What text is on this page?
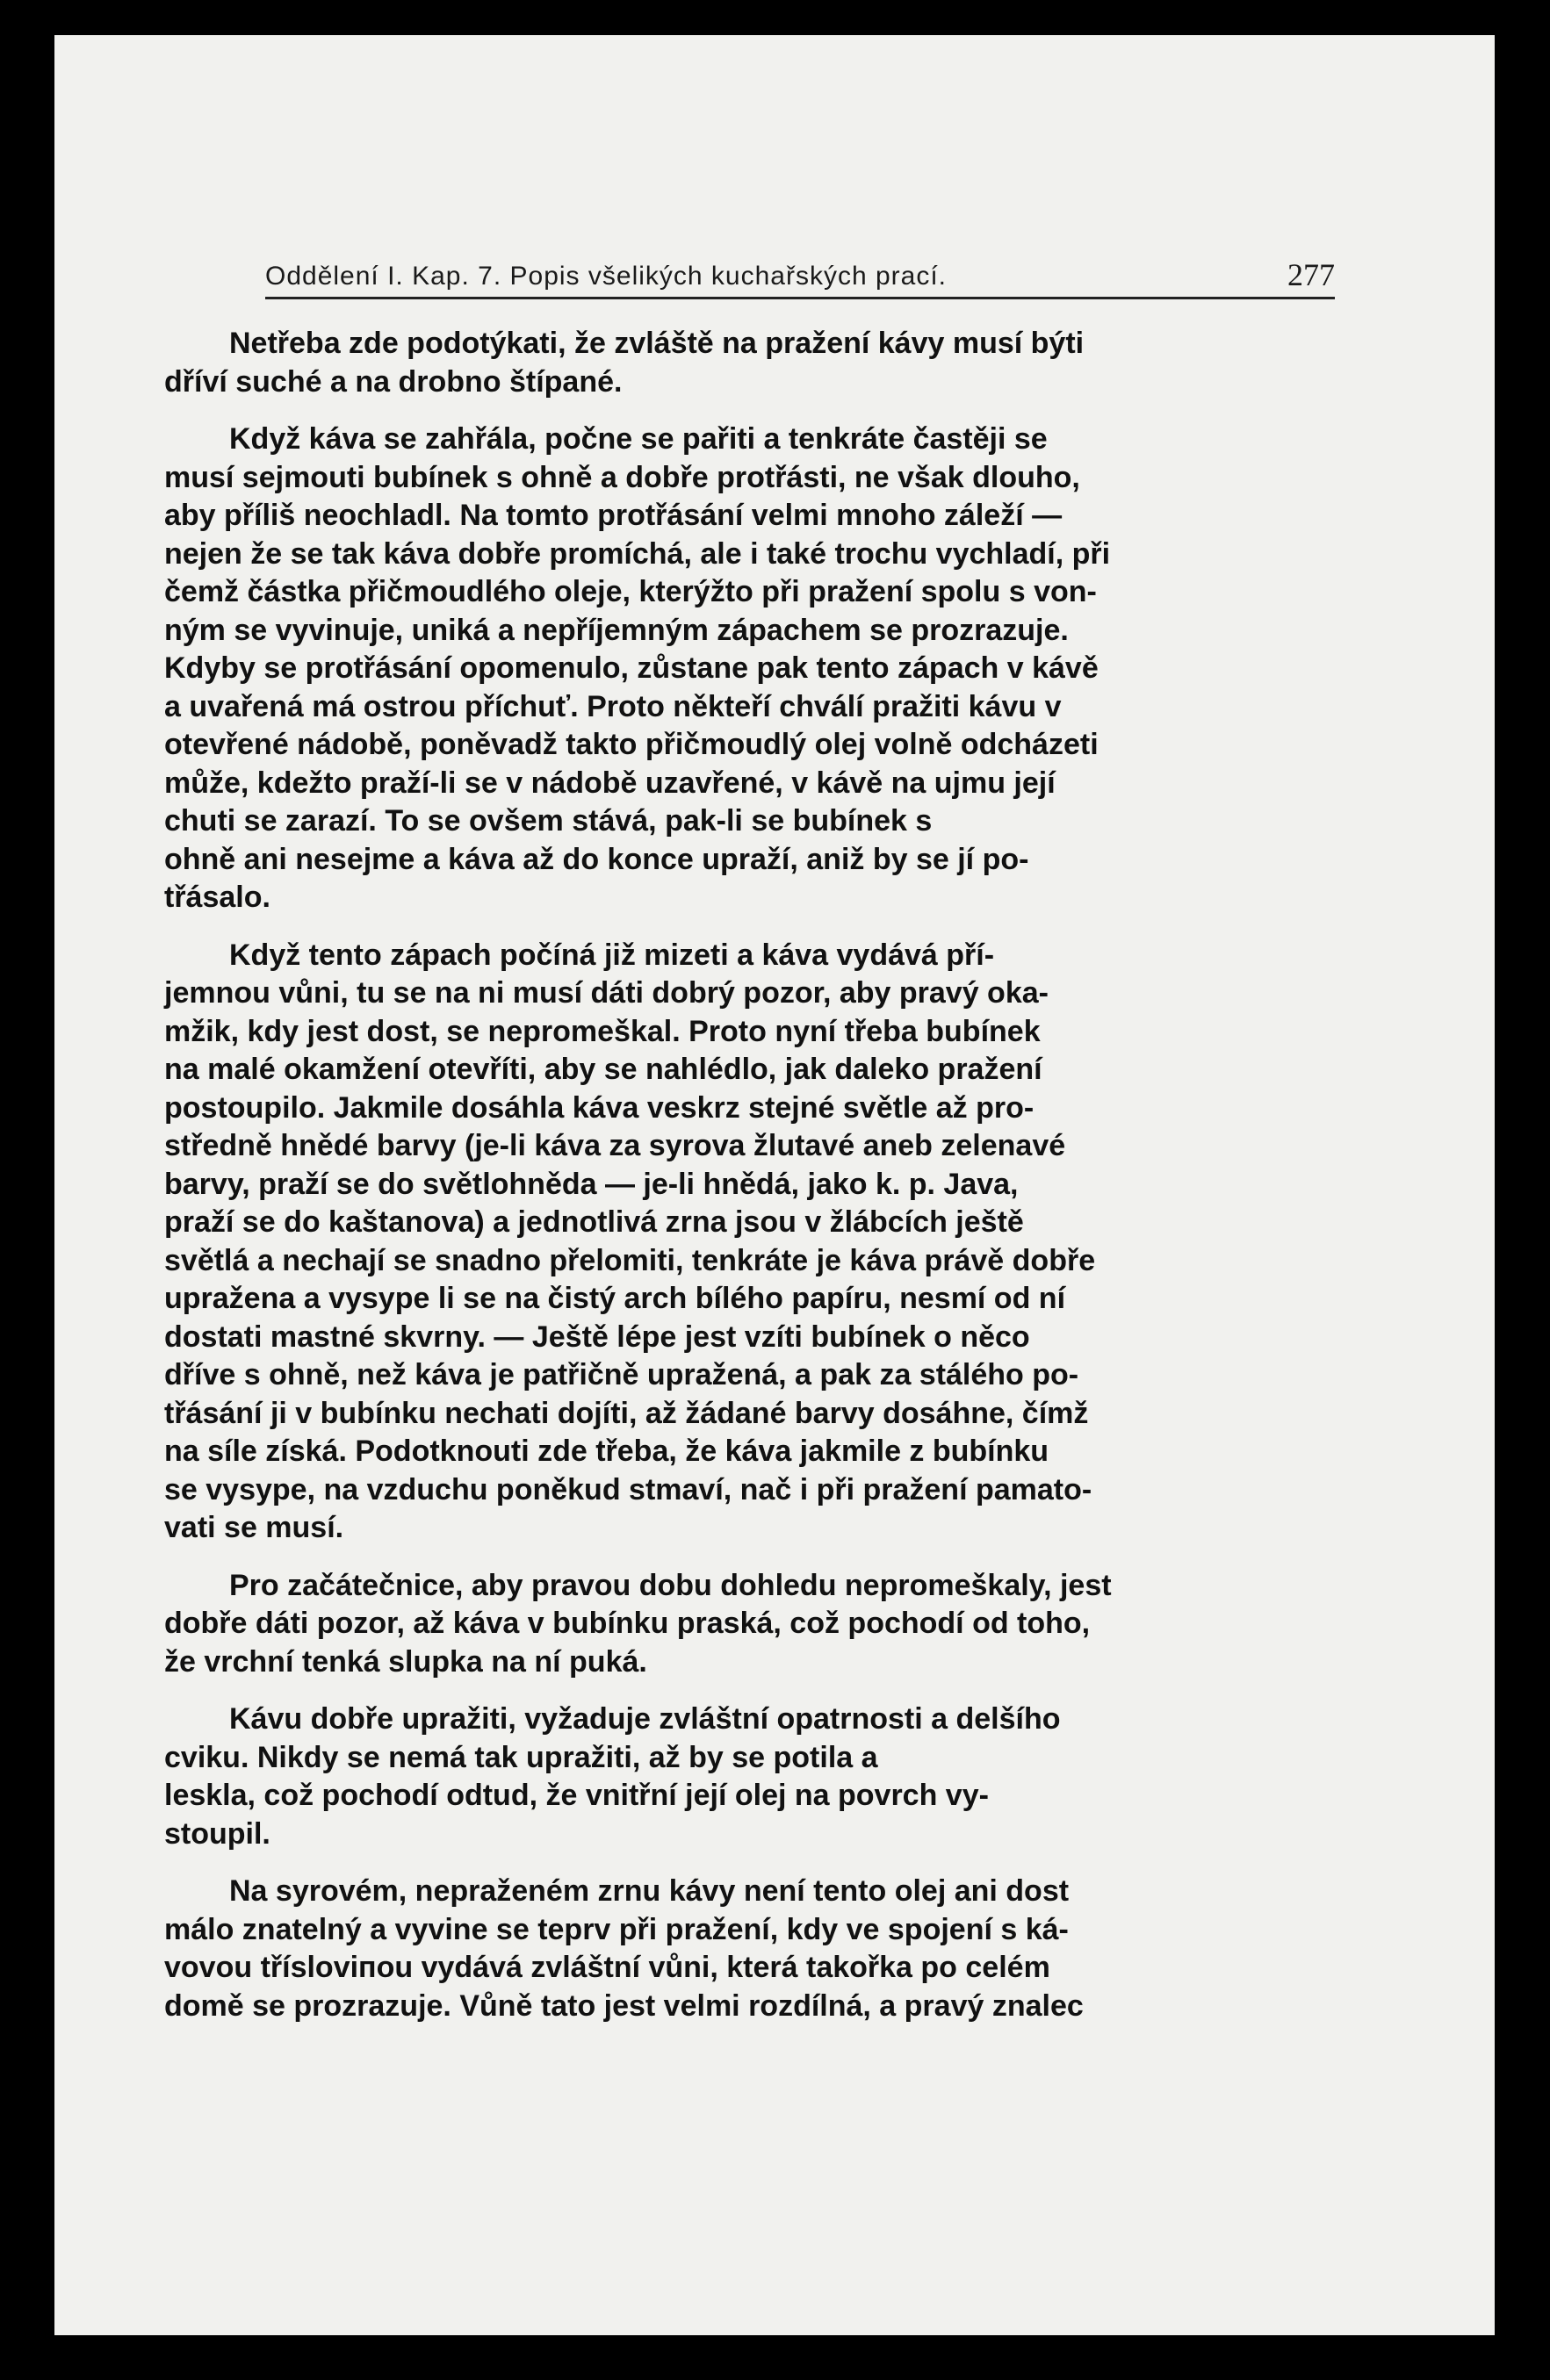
Oddělení I. Kap. 7. Popis všelikých kuchařských prací.	277

Netřeba zde podotýkati, že zvláště na pražení kávy musí býti
dříví suché a na drobno štípané.

Když káva se zahřála, počne se pařiti a tenkráte častěji se
musí sejmouti bubínek s ohně a dobře protřásti, ne však dlouho,
aby příliš neochladl. Na tomto protřásání velmi mnoho záleží —
nejen že se tak káva dobře promíchá, ale i také trochu vychladí, při
čemž částka přičmoudlého oleje, kterýžto při pražení spolu s von-
ným se vyvinuje, uniká a nepříjemným zápachem se prozrazuje.
Kdyby se protřásání opomenulo, zůstane pak tento zápach v kávě
a uvařená má ostrou příchuť. Proto někteří chválí pražiti kávu v
otevřené nádobě, poněvadž takto přičmoudlý olej volně odcházeti
může, kdežto praží-li se v nádobě uzavřené, v kávě na ujmu její
chuti se zarazí. To se ovšem stává, pak-li se bubínek s
ohně ani nesejme a káva až do konce upraží, aniž by se jí po-
třásalo.

Když tento zápach počíná již mizeti a káva vydává pří-
jemnou vůni, tu se na ni musí dáti dobrý pozor, aby pravý oka-
mžik, kdy jest dost, se nepromeškal. Proto nyní třeba bubínek
na malé okamžení otevříti, aby se nahlédlo, jak daleko pražení
postoupilo. Jakmile dosáhla káva veskrz stejné světle až pro-
středně hnědé barvy (je-li káva za syrova žlutavé aneb zelenavé
barvy, praží se do světlohněda — je-li hnědá, jako k. p. Java,
praží se do kaštanova) a jednotlivá zrna jsou v žlábcích ještě
světlá a nechají se snadno přelomiti, tenkráte je káva právě dobře
upražena a vysype li se na čistý arch bílého papíru, nesmí od ní
dostati mastné skvrny. — Ještě lépe jest vzíti bubínek o něco
dříve s ohně, než káva je patřičně upražená, a pak za stálého po-
třásání ji v bubínku nechati dojíti, až žádané barvy dosáhne, čímž
na síle získá. Podotknouti zde třeba, že káva jakmile z bubínku
se vysype, na vzduchu poněkud stmaví, nač i při pražení pamato-
vati se musí.

Pro začátečnice, aby pravou dobu dohledu nepromeškaly, jest
dobře dáti pozor, až káva v bubínku praská, což pochodí od toho,
že vrchní tenká slupka na ní puká.

Kávu dobře upražiti, vyžaduje zvláštní opatrnosti a delšího
cviku. Nikdy se nemá tak upražiti, až by se potila a
leskla, což pochodí odtud, že vnitřní její olej na povrch vy-
stoupil.

Na syrovém, nepraženém zrnu kávy není tento olej ani dost
málo znatelný a vyvine se teprv při pražení, kdy ve spojení s ká-
vovou třísloviпou vydává zvláštní vůni, která takořka po celém
domě se prozrazuje. Vůně tato jest velmi rozdílná, a pravý znalec
